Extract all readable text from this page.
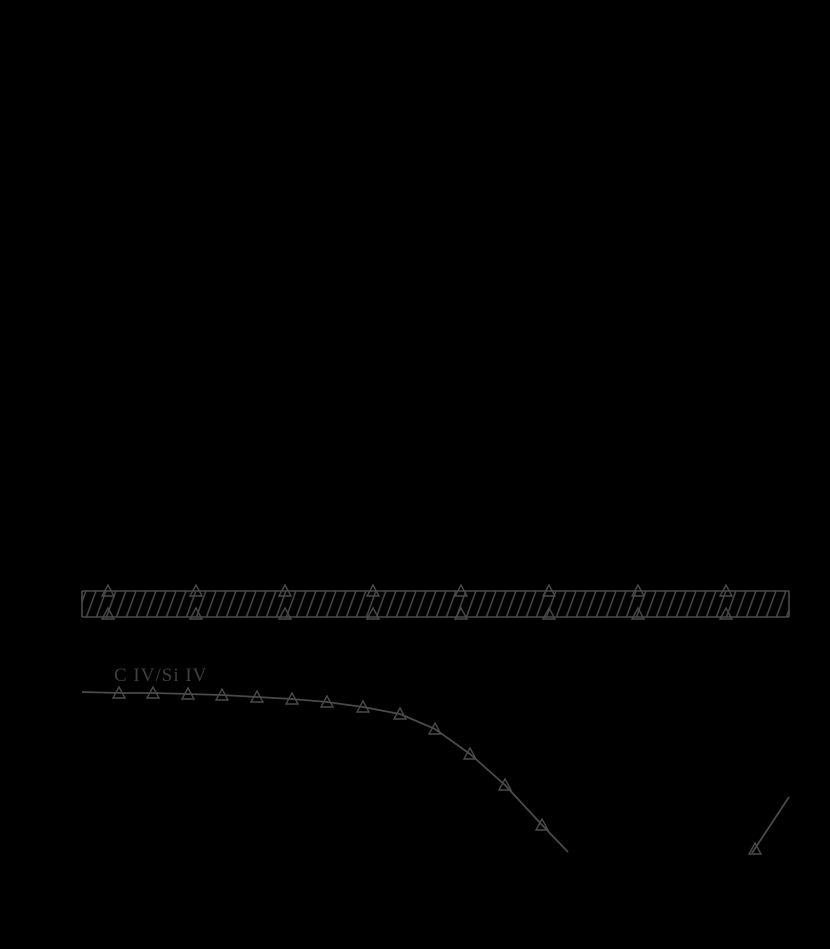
C IV/Si IV
